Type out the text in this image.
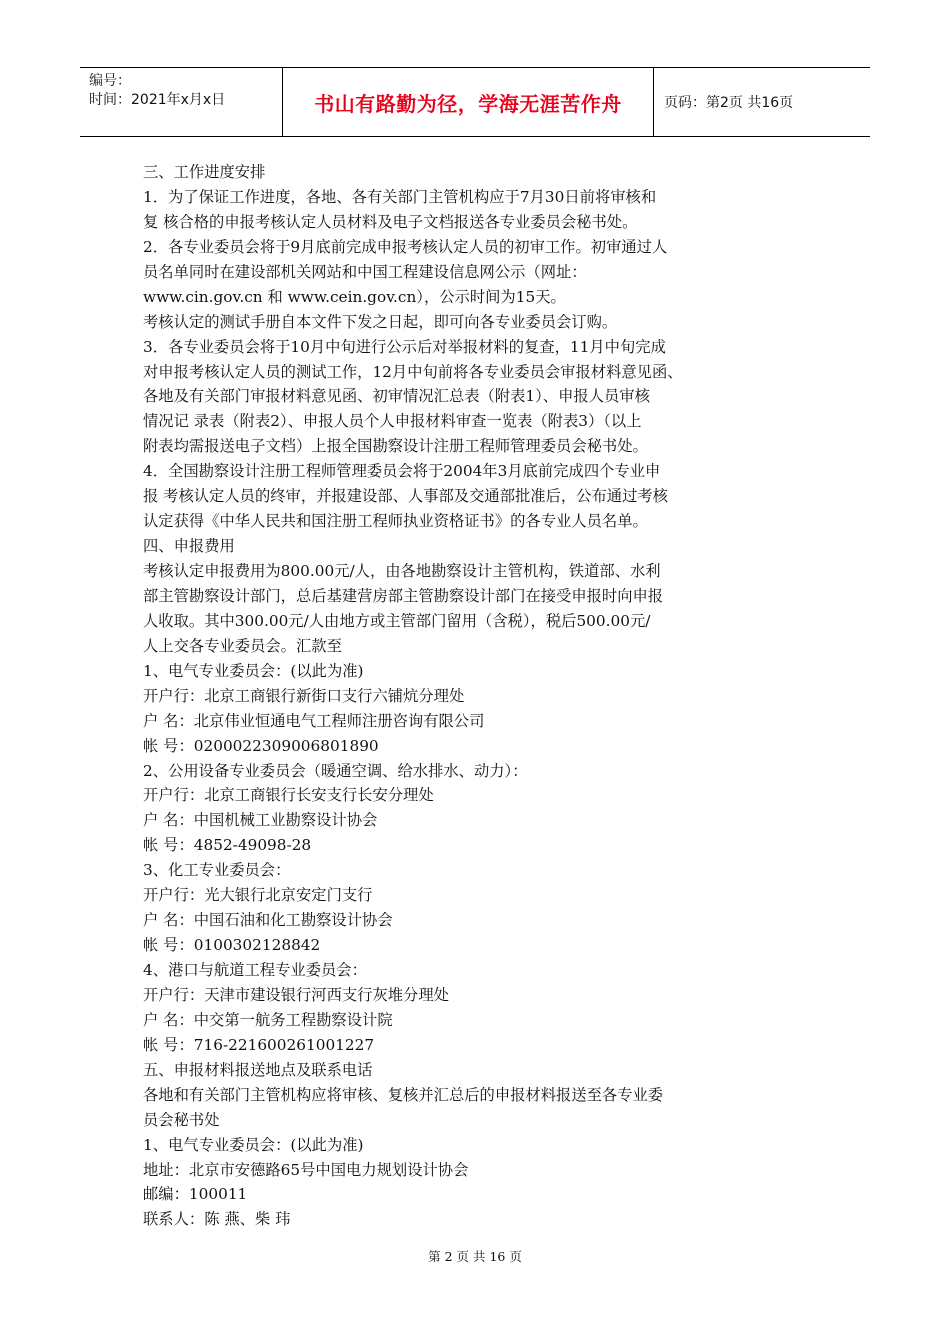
编号：
时间：2021年x月x日	书山有路勤为径，学海无涯苦作舟	页码：第2页 共16页
三、工作进度安排
1．为了保证工作进度，各地、各有关部门主管机构应于7月30日前将审核和
复 核合格的申报考核认定人员材料及电子文档报送各专业委员会秘书处。
2．各专业委员会将于9月底前完成申报考核认定人员的初审工作。初审通过人
员名单同时在建设部机关网站和中国工程建设信息网公示（网址：
www.cin.gov.cn 和 www.cein.gov.cn），公示时间为15天。
考核认定的测试手册自本文件下发之日起，即可向各专业委员会订购。
3．各专业委员会将于10月中旬进行公示后对举报材料的复查，11月中旬完成
对申报考核认定人员的测试工作，12月中旬前将各专业委员会审报材料意见函、
各地及有关部门审报材料意见函、初审情况汇总表（附表1）、申报人员审核
情况记 录表（附表2）、申报人员个人申报材料审查一览表（附表3）（以上
附表均需报送电子文档）上报全国勘察设计注册工程师管理委员会秘书处。
4．全国勘察设计注册工程师管理委员会将于2004年3月底前完成四个专业申
报 考核认定人员的终审，并报建设部、人事部及交通部批准后，公布通过考核
认定获得《中华人民共和国注册工程师执业资格证书》的各专业人员名单。
四、申报费用
考核认定申报费用为800.00元/人，由各地勘察设计主管机构，铁道部、水利
部主管勘察设计部门，总后基建营房部主管勘察设计部门在接受申报时向申报
人收取。其中300.00元/人由地方或主管部门留用（含税），税后500.00元/
人上交各专业委员会。汇款至
1、电气专业委员会：(以此为准)
开户行：北京工商银行新街口支行六铺炕分理处
户 名：北京伟业恒通电气工程师注册咨询有限公司
帐 号：0200022309006801890
2、公用设备专业委员会（暖通空调、给水排水、动力）：
开户行：北京工商银行长安支行长安分理处
户 名：中国机械工业勘察设计协会
帐 号：4852-49098-28
3、化工专业委员会：
开户行：光大银行北京安定门支行
户 名：中国石油和化工勘察设计协会
帐 号：0100302128842
4、港口与航道工程专业委员会：
开户行：天津市建设银行河西支行灰堆分理处
户 名：中交第一航务工程勘察设计院
帐 号：716-221600261001227
五、申报材料报送地点及联系电话
各地和有关部门主管机构应将审核、复核并汇总后的申报材料报送至各专业委
员会秘书处
1、电气专业委员会：(以此为准)
地址：北京市安德路65号中国电力规划设计协会
邮编：100011
联系人：陈 燕、柴 玮
第 2 页 共 16 页
